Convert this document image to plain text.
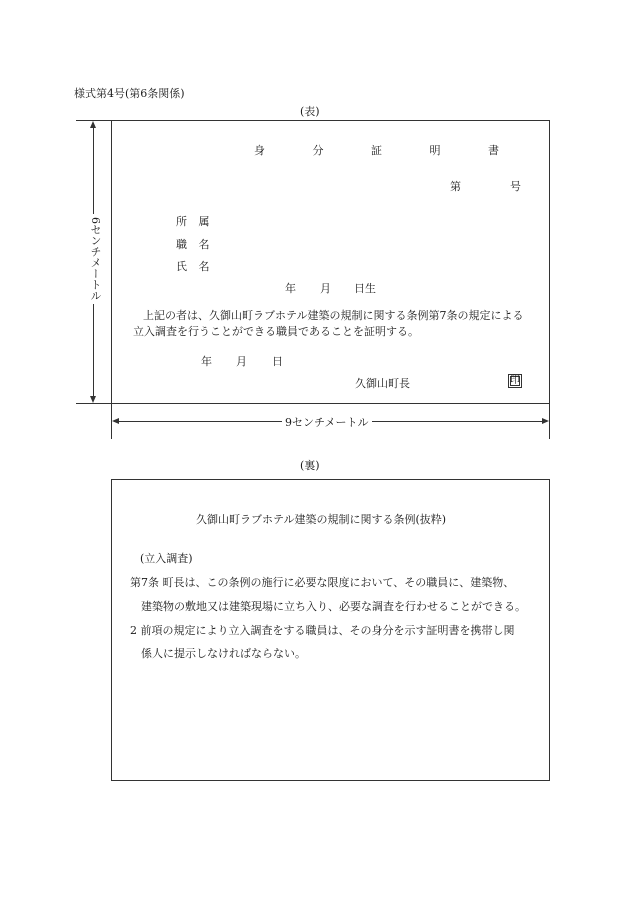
様式第4号(第6条関係)
(表)
6センチメートル
9センチメートル
身 分 証 明 書
第	号
所 属
職 名
氏 名
年 月 日生
上記の者は、久御山町ラブホテル建築の規制に関する条例第7条の規定による
立入調査を行うことができる職員であることを証明する。
年 月 日
久御山町長	印
(裏)
久御山町ラブホテル建築の規制に関する条例(抜粋)
(立入調査)
第7条 町長は、この条例の施行に必要な限度において、その職員に、建築物、
建築物の敷地又は建築現場に立ち入り、必要な調査を行わせることができる。
2 前項の規定により立入調査をする職員は、その身分を示す証明書を携帯し関
係人に提示しなければならない。
